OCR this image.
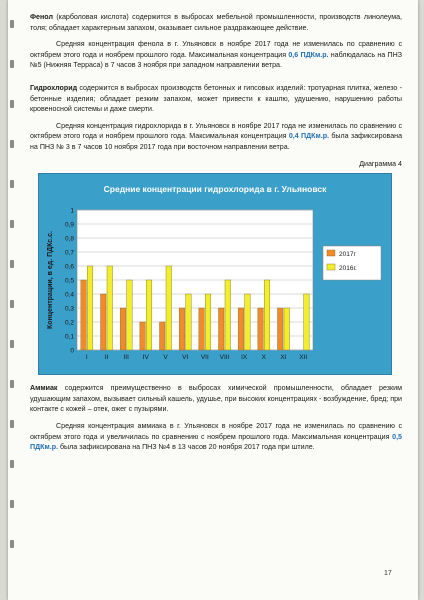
Фенол (карболовая кислота) содержится в выбросах мебельной промышленности, производств линолеума, толя; обладает характерным запахом, оказывает сильное раздражающее действие.

Средняя концентрация фенола в г. Ульяновск в ноябре 2017 года не изменилась по сравнению с октябрем этого года и ноябрем прошлого года. Максимальная концентрация 0,6 ПДКм.р. наблюдалась на ПНЗ №5 (Нижняя Терраса) в 7 часов 3 ноября при западном направлении ветра.

Гидрохлорид содержится в выбросах производств бетонных и гипсовых изделий: тротуарная плитка, железо - бетонные изделия; обладает резким запахом, может привести к кашлю, удушению, нарушению работы кровеносной системы и даже смерти.

Средняя концентрация гидрохлорида в г. Ульяновск в ноябре 2017 года не изменилась по сравнению с октябрем этого года и ноябрем прошлого года. Максимальная концентрация 0,4 ПДКм.р. была зафиксирована на ПНЗ № 3 в 7 часов 10 ноября 2017 года при восточном направлении ветра.

Диаграмма 4
Средние концентрации гидрохлорида в г. Ульяновск
0
0,1
0,2
0,3
0,4
0,5
0,6
0,7
0,8
0,9
1
Концентрации, в ед. ПДКс.с.
I	II III IV V VI VII VIII IX X XI XII
2017г
2016г.

Аммиак содержится преимущественно в выбросах химической промышленности, обладает резким удушающим запахом, вызывает сильный кашель, удушье, при высоких концентрациях - возбуждение, бред; при контакте с кожей – отек, ожег с пузырями.

Средняя концентрация аммиака в г. Ульяновск в ноябре 2017 года не изменилась по сравнению с октябрем этого года и увеличилась по сравнению с ноябрем прошлого года. Максимальная концентрация 0,5 ПДКм.р. была зафиксирована на ПНЗ №4 в 13 часов 20 ноября 2017 года при штиле.

17
